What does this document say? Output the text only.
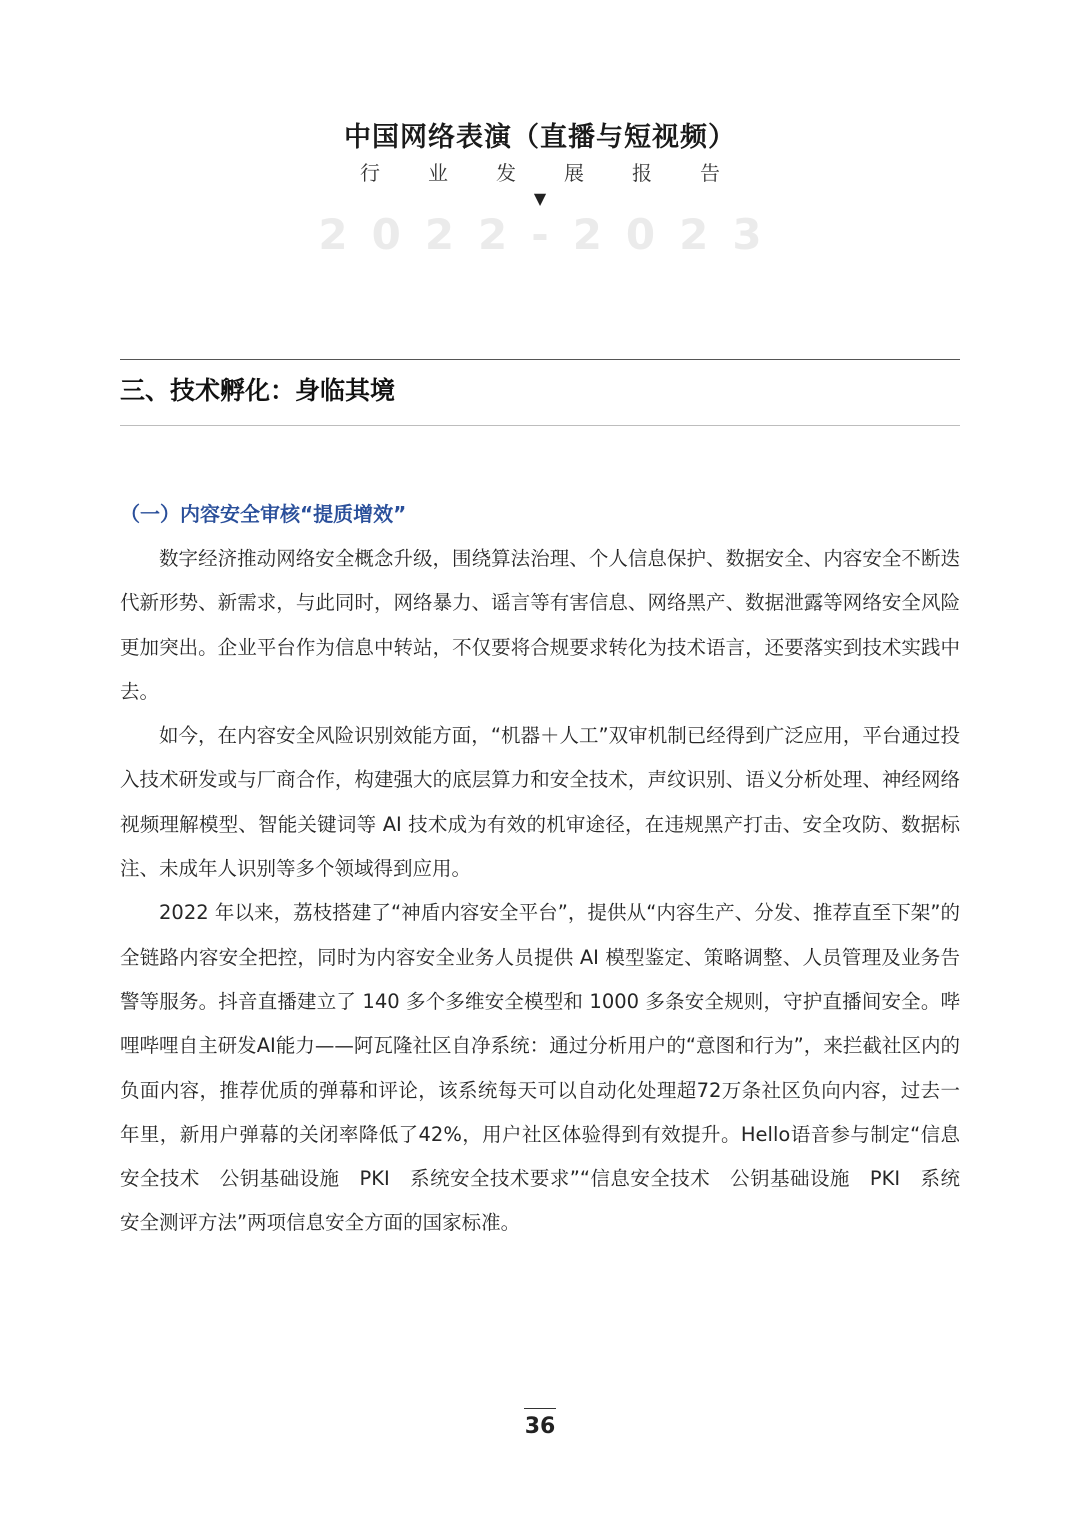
中国网络表演（直播与短视频）
行 业 发 展 报 告
▼
2022-2023
三、技术孵化：身临其境
（一）内容安全审核“提质增效”

数字经济推动网络安全概念升级，围绕算法治理、个人信息保护、数据安全、内容安全不断迭代新形势、新需求，与此同时，网络暴力、谣言等有害信息、网络黑产、数据泄露等网络安全风险更加突出。企业平台作为信息中转站，不仅要将合规要求转化为技术语言，还要落实到技术实践中去。

如今，在内容安全风险识别效能方面，“机器＋人工”双审机制已经得到广泛应用，平台通过投入技术研发或与厂商合作，构建强大的底层算力和安全技术，声纹识别、语义分析处理、神经网络视频理解模型、智能关键词等 AI 技术成为有效的机审途径，在违规黑产打击、安全攻防、数据标注、未成年人识别等多个领域得到应用。

2022 年以来，荔枝搭建了“神盾内容安全平台”，提供从“内容生产、分发、推荐直至下架”的全链路内容安全把控，同时为内容安全业务人员提供 AI 模型鉴定、策略调整、人员管理及业务告警等服务。抖音直播建立了 140 多个多维安全模型和 1000 多条安全规则，守护直播间安全。哔哩哔哩自主研发AI能力——阿瓦隆社区自净系统：通过分析用户的“意图和行为”，来拦截社区内的负面内容，推荐优质的弹幕和评论，该系统每天可以自动化处理超72万条社区负向内容，过去一年里，新用户弹幕的关闭率降低了42%，用户社区体验得到有效提升。Hello语音参与制定“信息安全技术　公钥基础设施　PKI　系统安全技术要求”“信息安全技术　公钥基础设施　PKI　系统安全测评方法”两项信息安全方面的国家标准。

36
